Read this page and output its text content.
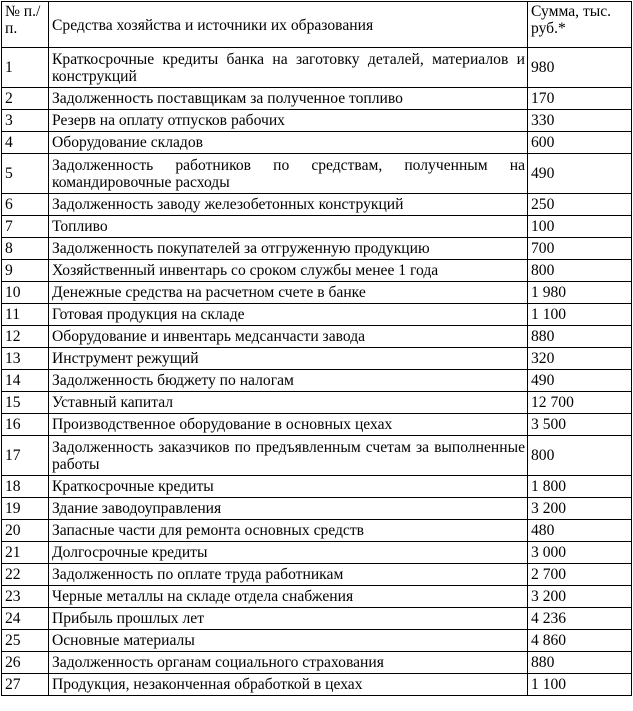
№ п./п.	Средства хозяйства и источники их образования	Сумма, тыс. руб.*
1	Краткосрочные кредиты банка на заготовку деталей, материалов и конструкций	980
2	Задолженность поставщикам за полученное топливо	170
3	Резерв на оплату отпусков рабочих	330
4	Оборудование складов	600
5	Задолженность работников по средствам, полученным на командировочные расходы	490
6	Задолженность заводу железобетонных конструкций	250
7	Топливо	100
8	Задолженность покупателей за отгруженную продукцию	700
9	Хозяйственный инвентарь со сроком службы менее 1 года	800
10	Денежные средства на расчетном счете в банке	1 980
11	Готовая продукция на складе	1 100
12	Оборудование и инвентарь медсанчасти завода	880
13	Инструмент режущий	320
14	Задолженность бюджету по налогам	490
15	Уставный капитал	12 700
16	Производственное оборудование в основных цехах	3 500
17	Задолженность заказчиков по предъявленным счетам за выполненные работы	800
18	Краткосрочные кредиты	1 800
19	Здание заводоуправления	3 200
20	Запасные части для ремонта основных средств	480
21	Долгосрочные кредиты	3 000
22	Задолженность по оплате труда работникам	2 700
23	Черные металлы на складе отдела снабжения	3 200
24	Прибыль прошлых лет	4 236
25	Основные материалы	4 860
26	Задолженность органам социального страхования	880
27	Продукция, незаконченная обработкой в цехах	1 100
